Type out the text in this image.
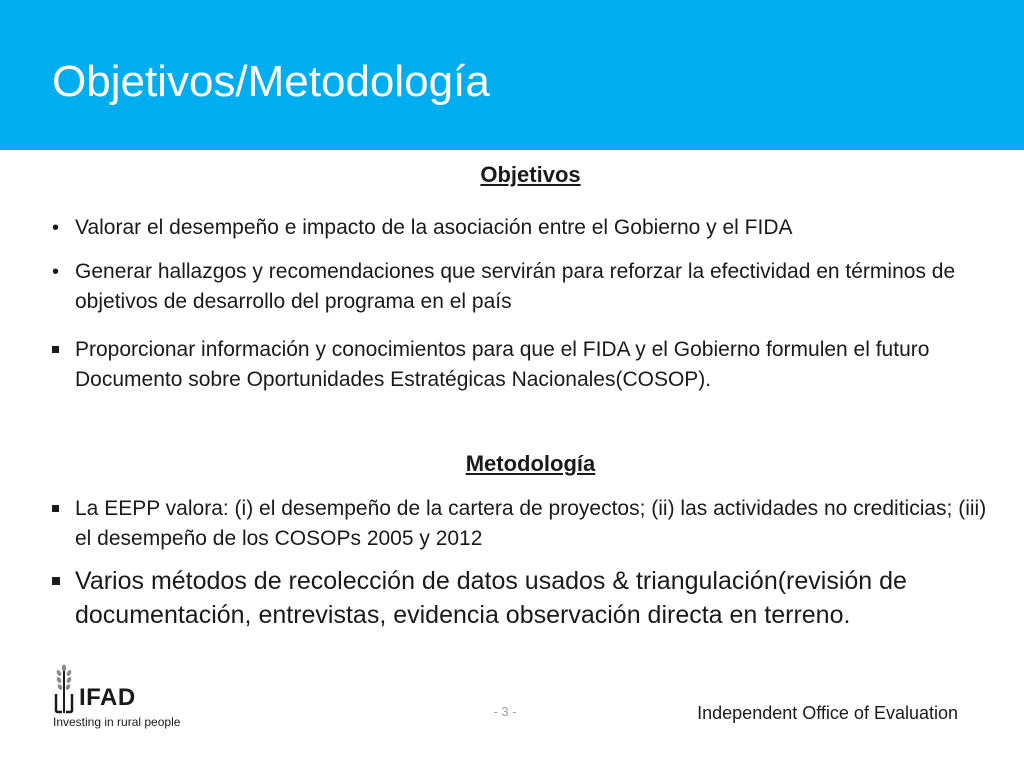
Objetivos/Metodología
Objetivos
•
Valorar el desempeño e impacto de la asociación entre el Gobierno y el FIDA
•
Generar hallazgos y recomendaciones que servirán para reforzar la efectividad en términos de objetivos de desarrollo del programa en el país
Proporcionar información y conocimientos para que el FIDA y el Gobierno formulen el futuro Documento sobre Oportunidades Estratégicas Nacionales(COSOP).
Metodología
La EEPP valora: (i) el desempeño de la cartera de proyectos; (ii) las actividades no crediticias; (iii) el desempeño de los COSOPs 2005 y 2012
Varios métodos de recolección de datos usados & triangulación(revisión de documentación, entrevistas, evidencia observación directa en terreno.
IFAD
Investing in rural people
- 3 -	Independent Office of Evaluation
